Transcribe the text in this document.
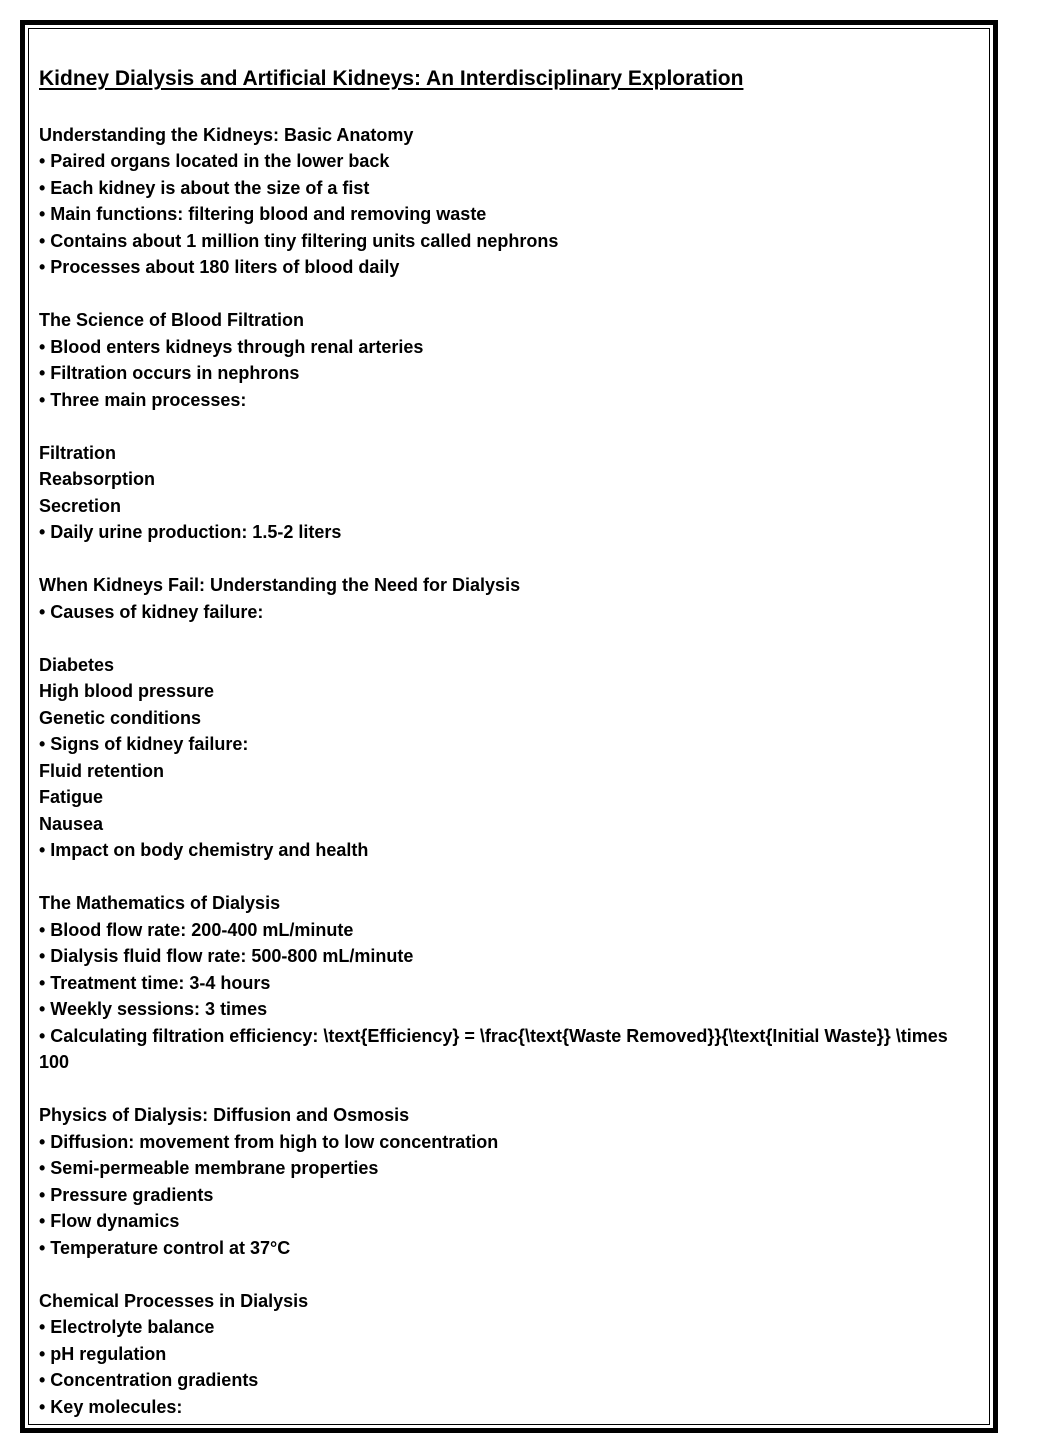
Kidney Dialysis and Artificial Kidneys: An Interdisciplinary Exploration
Understanding the Kidneys: Basic Anatomy
• Paired organs located in the lower back
• Each kidney is about the size of a fist
• Main functions: filtering blood and removing waste
• Contains about 1 million tiny filtering units called nephrons
• Processes about 180 liters of blood daily
The Science of Blood Filtration
• Blood enters kidneys through renal arteries
• Filtration occurs in nephrons
• Three main processes:
Filtration
Reabsorption
Secretion
• Daily urine production: 1.5-2 liters
When Kidneys Fail: Understanding the Need for Dialysis
• Causes of kidney failure:
Diabetes
High blood pressure
Genetic conditions
• Signs of kidney failure:
Fluid retention
Fatigue
Nausea
• Impact on body chemistry and health
The Mathematics of Dialysis
• Blood flow rate: 200-400 mL/minute
• Dialysis fluid flow rate: 500-800 mL/minute
• Treatment time: 3-4 hours
• Weekly sessions: 3 times
• Calculating filtration efficiency: \text{Efficiency} = \frac{\text{Waste Removed}}{\text{Initial Waste}} \times 100
Physics of Dialysis: Diffusion and Osmosis
• Diffusion: movement from high to low concentration
• Semi-permeable membrane properties
• Pressure gradients
• Flow dynamics
• Temperature control at 37°C
Chemical Processes in Dialysis
• Electrolyte balance
• pH regulation
• Concentration gradients
• Key molecules:
